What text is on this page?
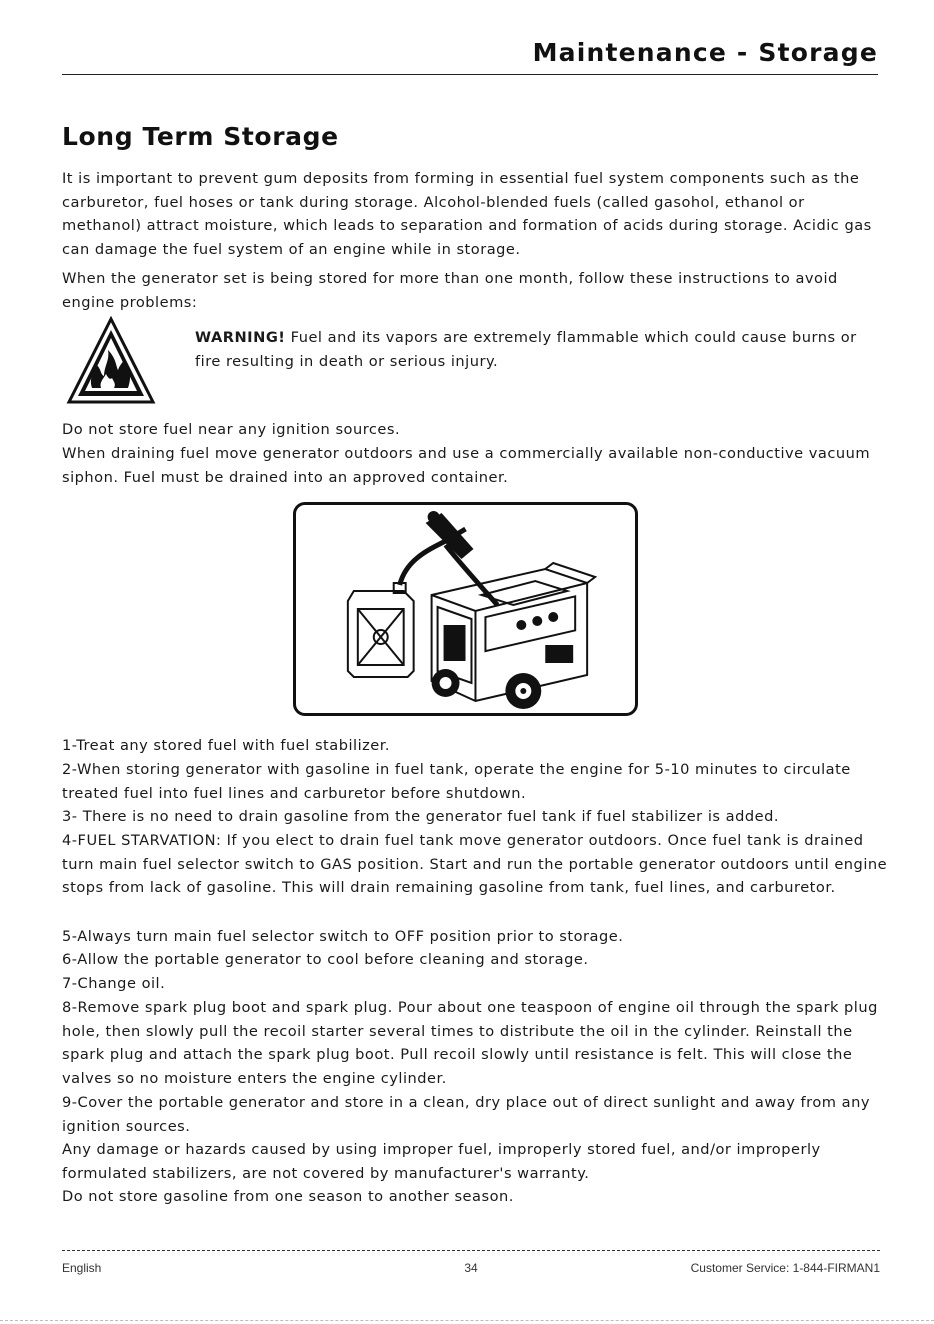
Maintenance - Storage
Long Term Storage

It is important to prevent gum deposits from forming in essential fuel system components such as the carburetor, fuel hoses or tank during storage. Alcohol-blended fuels (called gasohol, ethanol or methanol) attract moisture, which leads to separation and formation of acids during storage. Acidic gas can damage the fuel system of an engine while in storage.

When the generator set is being stored for more than one month, follow these instructions to avoid engine problems:

WARNING! Fuel and its vapors are extremely flammable which could cause burns or fire resulting in death or serious injury.

Do not store fuel near any ignition sources.

When draining fuel move generator outdoors and use a commercially available non-conductive vacuum siphon. Fuel must be drained into an approved container.

1-Treat any stored fuel with fuel stabilizer.

2-When storing generator with gasoline in fuel tank, operate the engine for 5-10 minutes to circulate treated fuel into fuel lines and carburetor before shutdown.

3- There is no need to drain gasoline from the generator fuel tank if fuel stabilizer is added.

4-FUEL STARVATION: If you elect to drain fuel tank move generator outdoors. Once fuel tank is drained turn main fuel selector switch to GAS position. Start and run the portable generator outdoors until engine stops from lack of gasoline. This will drain remaining gasoline from tank, fuel lines, and carburetor.

5-Always turn main fuel selector switch to OFF position prior to storage.

6-Allow the portable generator to cool before cleaning and storage.

7-Change oil.

8-Remove spark plug boot and spark plug. Pour about one teaspoon of engine oil through the spark plug hole, then slowly pull the recoil starter several times to distribute the oil in the cylinder. Reinstall the spark plug and attach the spark plug boot. Pull recoil slowly until resistance is felt. This will close the valves so no moisture enters the engine cylinder.

9-Cover the portable generator and store in a clean, dry place out of direct sunlight and away from any ignition sources.

Any damage or hazards caused by using improper fuel, improperly stored fuel, and/or improperly formulated stabilizers, are not covered by manufacturer's warranty.

Do not store gasoline from one season to another season.

English	34	Customer Service: 1-844-FIRMAN1
